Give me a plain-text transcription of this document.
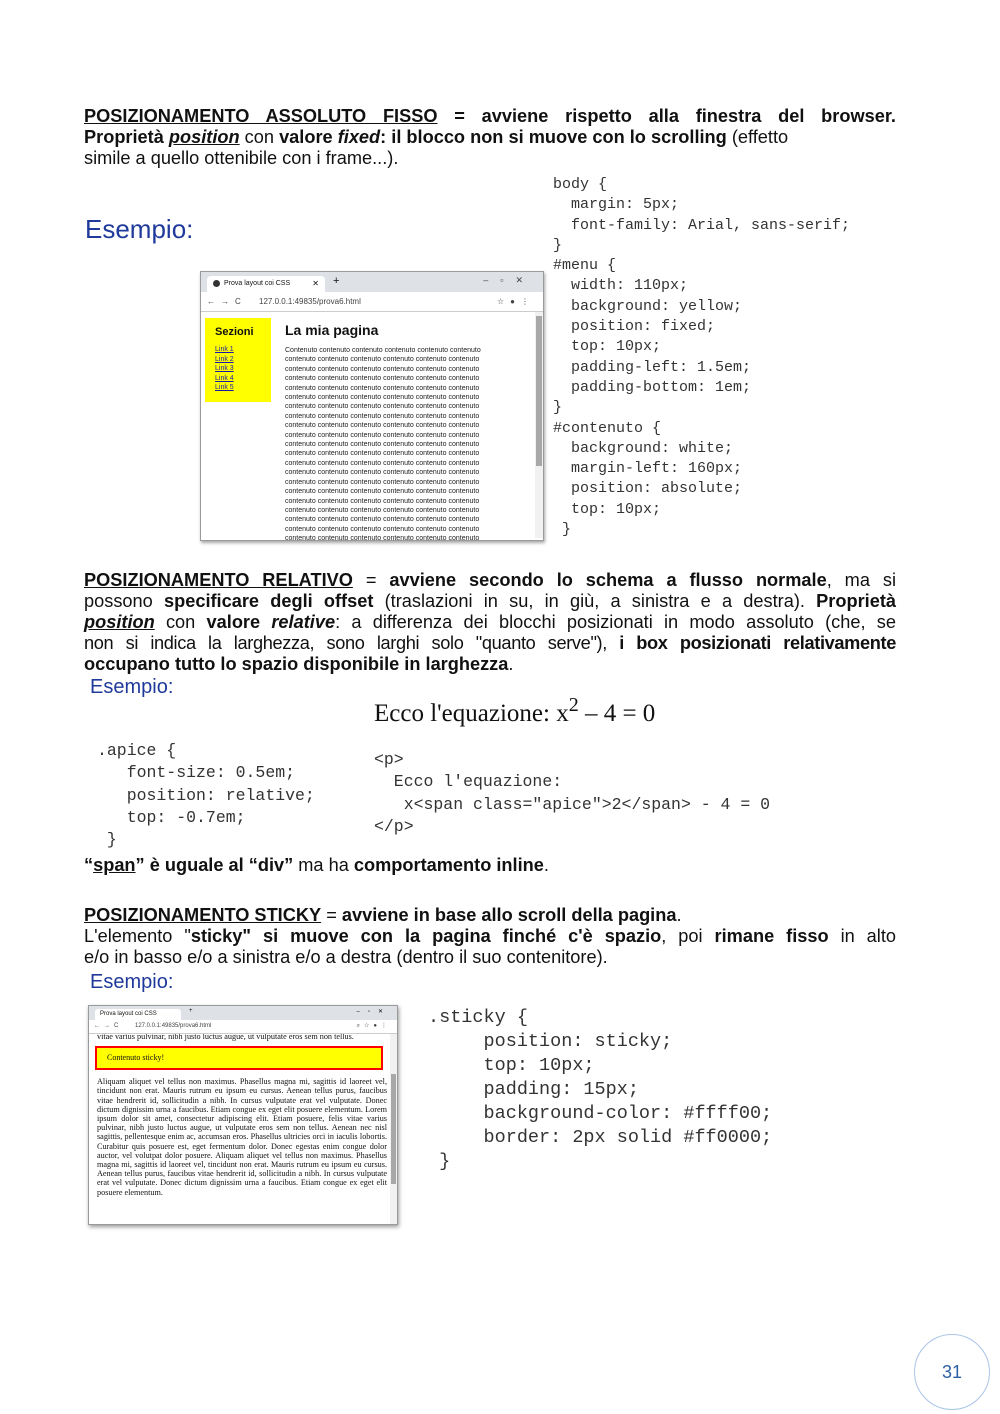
POSIZIONAMENTO ASSOLUTO FISSO = avviene rispetto alla finestra del browser.
Proprietà position con valore fixed: il blocco non si muove con lo scrolling (effetto
simile a quello ottenibile con i frame...).
Esempio:
body {
margin: 5px;
font-family: Arial, sans-serif;
}
#menu {
width: 110px;
background: yellow;
position: fixed;
top: 10px;
padding-left: 1.5em;
padding-bottom: 1em;
}
#contenuto {
background: white;
margin-left: 160px;
position: absolute;
top: 10px;
}
Prova layout coi CSS	✕ +	–▫✕
←→C 127.0.0.1:49835/prova6.html	☆●⋮
Sezioni
Link 1
Link 2
Link 3
Link 4
Link 5
La mia pagina
Contenuto contenuto contenuto contenuto contenuto contenuto
contenuto contenuto contenuto contenuto contenuto contenuto
contenuto contenuto contenuto contenuto contenuto contenuto
contenuto contenuto contenuto contenuto contenuto contenuto
contenuto contenuto contenuto contenuto contenuto contenuto
contenuto contenuto contenuto contenuto contenuto contenuto
contenuto contenuto contenuto contenuto contenuto contenuto
contenuto contenuto contenuto contenuto contenuto contenuto
contenuto contenuto contenuto contenuto contenuto contenuto
contenuto contenuto contenuto contenuto contenuto contenuto
contenuto contenuto contenuto contenuto contenuto contenuto
contenuto contenuto contenuto contenuto contenuto contenuto
contenuto contenuto contenuto contenuto contenuto contenuto
contenuto contenuto contenuto contenuto contenuto contenuto
contenuto contenuto contenuto contenuto contenuto contenuto
contenuto contenuto contenuto contenuto contenuto contenuto
contenuto contenuto contenuto contenuto contenuto contenuto
contenuto contenuto contenuto contenuto contenuto contenuto
contenuto contenuto contenuto contenuto contenuto contenuto
contenuto contenuto contenuto contenuto contenuto contenuto
contenuto contenuto contenuto contenuto contenuto contenuto
POSIZIONAMENTO RELATIVO = avviene secondo lo schema a flusso normale, ma si
possono specificare degli offset (traslazioni in su, in giù, a sinistra e a destra). Proprietà
position con valore relative: a differenza dei blocchi posizionati in modo assoluto (che, se
non si indica la larghezza, sono larghi solo "quanto serve"), i box posizionati relativamente
occupano tutto lo spazio disponibile in larghezza.
Esempio:
Ecco l'equazione: $x^2 - 4 = 0$
.apice {
font-size: 0.5em;
position: relative;
top: -0.7em;
}
<p>
Ecco l'equazione:
x<span class="apice">2</span> - 4 = 0
</p>
“span” è uguale al “div” ma ha comportamento inline.
POSIZIONAMENTO STICKY = avviene in base allo scroll della pagina.
L'elemento "sticky" si muove con la pagina finché c'è spazio, poi rimane fisso in alto
e/o in basso e/o a sinistra e/o a destra (dentro il suo contenitore).
Esempio:
Prova layout coi CSS	+	–▫✕
←→C 127.0.0.1:49835/prova6.html	⌕☆●⋮
vitae varius pulvinar, nibh justo luctus augue, ut vulputate eros sem non tellus.
Aliquam aliquet vel tellus non maximus. Phasellus magna mi, sagittis id laoreet vel, tincidunt non erat. Mauris rutrum eu ipsum eu cursus. Aenean tellus purus, faucibus vitae hendrerit id, sollicitudin a nibh. In cursus vulputate erat vel vulputate. Donec dictum dignissim urna a faucibus. Etiam congue ex eget elit posuere elementum. Lorem ipsum dolor sit amet, consectetur adipiscing elit. Etiam posuere, felis vitae varius pulvinar, nibh justo luctus augue, ut vulputate eros sem non tellus. Aenean nec nisl sagittis, pellentesque enim ac, accumsan eros. Phasellus ultricies orci in iaculis lobortis. Curabitur quis posuere est, eget fermentum dolor. Donec egestas enim congue dolor auctor, vel volutpat dolor posuere. Aliquam aliquet vel tellus non maximus. Phasellus magna mi, sagittis id laoreet vel, tincidunt non erat. Mauris rutrum eu ipsum eu cursus. Aenean tellus purus, faucibus vitae hendrerit id, sollicitudin a nibh. In cursus vulputate erat vel vulputate. Donec dictum dignissim urna a faucibus. Etiam congue ex eget elit posuere elementum.
Contenuto sticky!
.sticky {
position: sticky;
top: 10px;
padding: 15px;
background-color: #ffff00;
border: 2px solid #ff0000;
}
31
